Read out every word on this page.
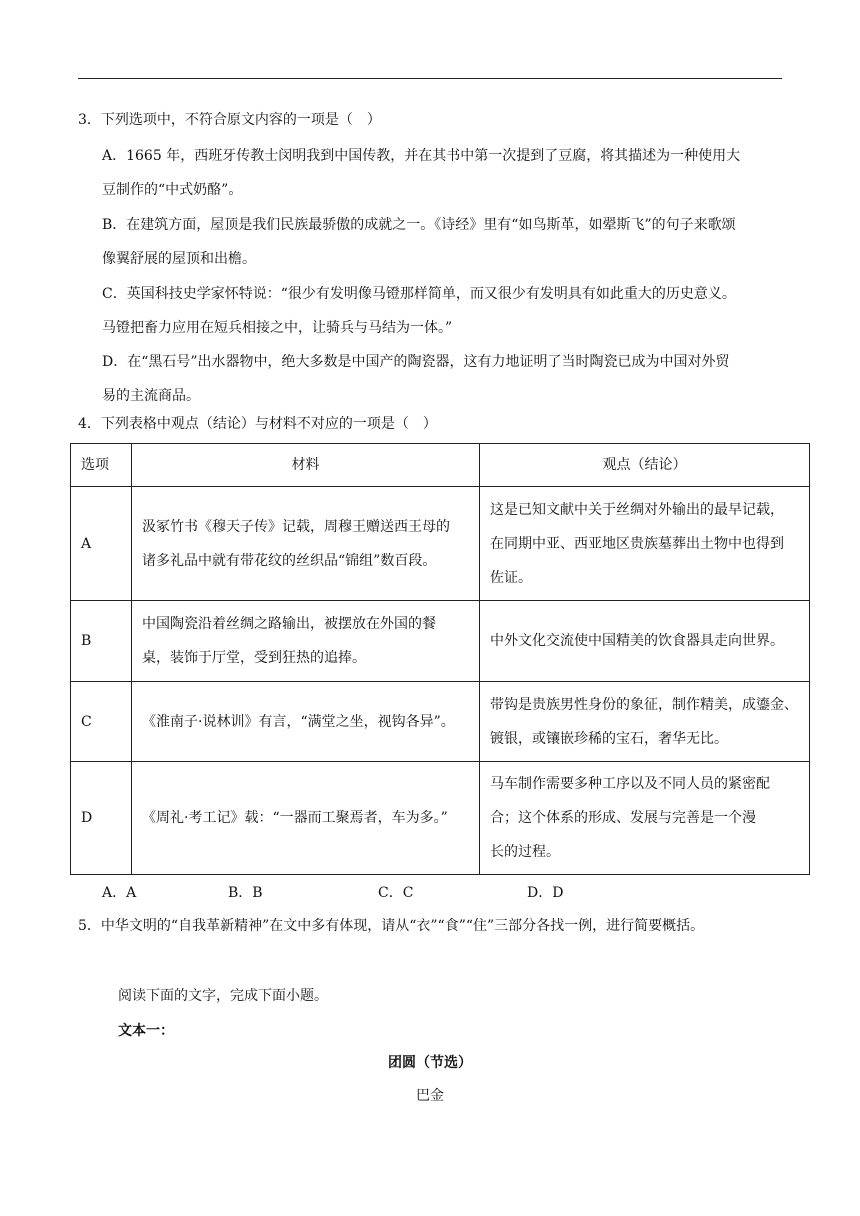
3．下列选项中，不符合原文内容的一项是（　）
A．1665 年，西班牙传教士闵明我到中国传教，并在其书中第一次提到了豆腐，将其描述为一种使用大
豆制作的“中式奶酪”。
B．在建筑方面，屋顶是我们民族最骄傲的成就之一。《诗经》里有“如鸟斯革，如翚斯飞”的句子来歌颂
像翼舒展的屋顶和出檐。
C．英国科技史学家怀特说：“很少有发明像马镫那样简单，而又很少有发明具有如此重大的历史意义。
马镫把畜力应用在短兵相接之中，让骑兵与马结为一体。”
D．在“黑石号”出水器物中，绝大多数是中国产的陶瓷器，这有力地证明了当时陶瓷已成为中国对外贸
易的主流商品。
4．下列表格中观点（结论）与材料不对应的一项是（　）
选项	材料	观点（结论）
A	汲冢竹书《穆天子传》记载，周穆王赠送西王母的
诸多礼品中就有带花纹的丝织品“锦组”数百段。	这是已知文献中关于丝绸对外输出的最早记载，
在同期中亚、西亚地区贵族墓葬出土物中也得到
佐证。

B	中国陶瓷沿着丝绸之路输出，被摆放在外国的餐
桌，装饰于厅堂，受到狂热的追捧。	中外文化交流使中国精美的饮食器具走向世界。

C	《淮南子·说林训》有言，“满堂之坐，视钩各异”。	带钩是贵族男性身份的象征，制作精美，成鎏金、
镀银，或镶嵌珍稀的宝石，奢华无比。

D	《周礼·考工记》载：“一器而工聚焉者，车为多。”	马车制作需要多种工序以及不同人员的紧密配
合；这个体系的形成、发展与完善是一个漫
长的过程。
A．A	B．B	C．C	D．D
5．中华文明的“自我革新精神”在文中多有体现，请从“衣”“食”“住”三部分各找一例，进行简要概括。
阅读下面的文字，完成下面小题。
文本一：
团圆（节选）
巴金
